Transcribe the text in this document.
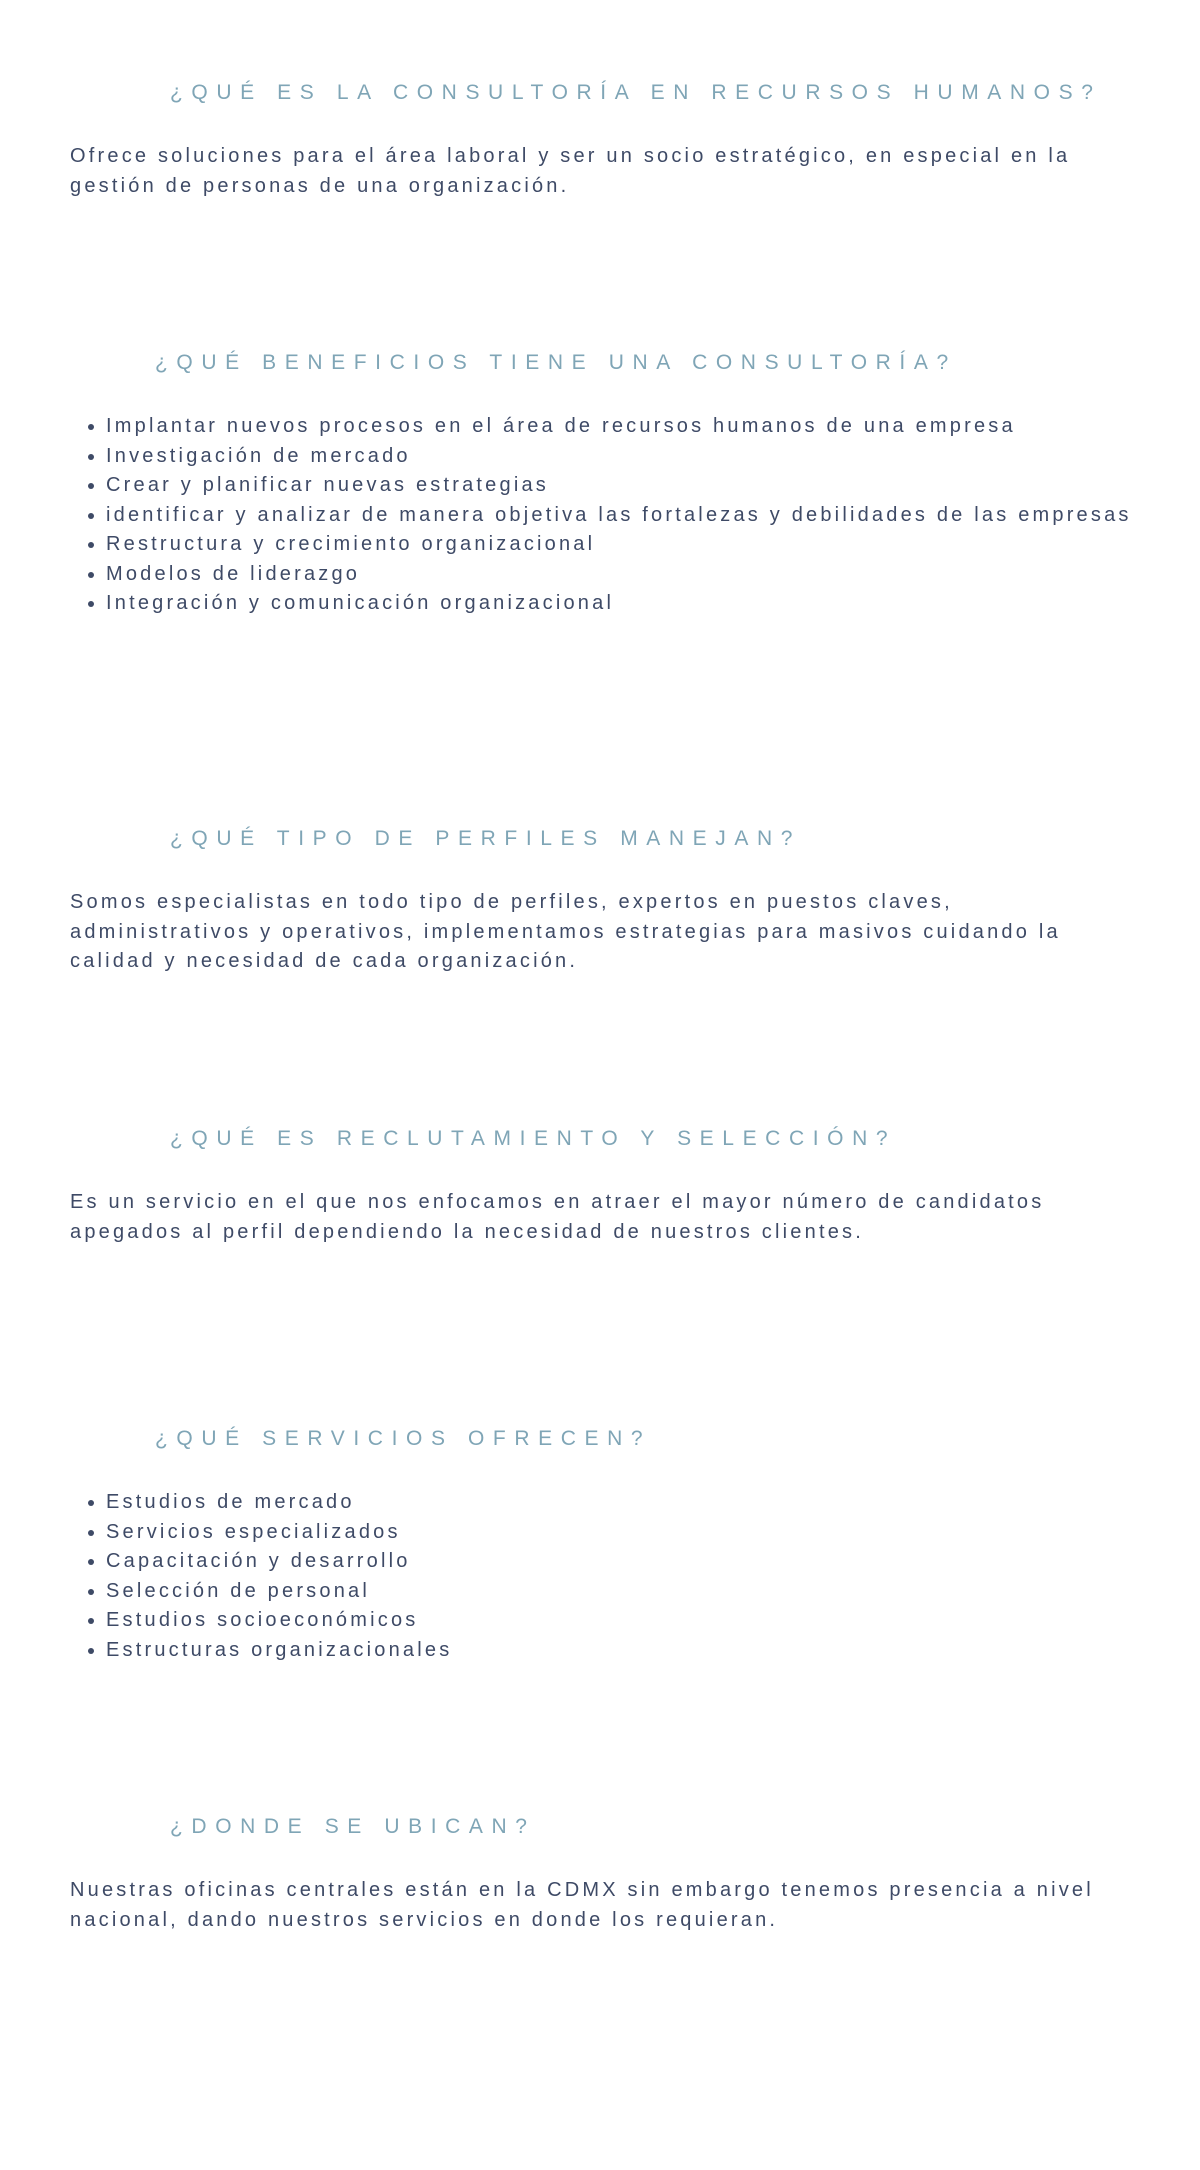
¿QUÉ ES LA CONSULTORÍA EN RECURSOS HUMANOS?

Ofrece soluciones para el área laboral y ser un socio estratégico, en especial en la gestión de personas de una organización.

¿QUÉ BENEFICIOS TIENE UNA CONSULTORÍA?
• Implantar nuevos procesos en el área de recursos humanos de una empresa
• Investigación de mercado
• Crear y planificar nuevas estrategias
• identificar y analizar de manera objetiva las fortalezas y debilidades de las empresas
• Restructura y crecimiento organizacional
• Modelos de liderazgo
• Integración y comunicación organizacional
¿QUÉ TIPO DE PERFILES MANEJAN?

Somos especialistas en todo tipo de perfiles, expertos en puestos claves, administrativos y operativos, implementamos estrategias para masivos cuidando la calidad y necesidad de cada organización.

¿QUÉ ES RECLUTAMIENTO Y SELECCIÓN?

Es un servicio en el que nos enfocamos en atraer el mayor número de candidatos apegados al perfil dependiendo la necesidad de nuestros clientes.

¿QUÉ SERVICIOS OFRECEN?
• Estudios de mercado
• Servicios especializados
• Capacitación y desarrollo
• Selección de personal
• Estudios socioeconómicos
• Estructuras organizacionales
¿DONDE SE UBICAN?

Nuestras oficinas centrales están en la CDMX sin embargo tenemos presencia a nivel nacional, dando nuestros servicios en donde los requieran.
